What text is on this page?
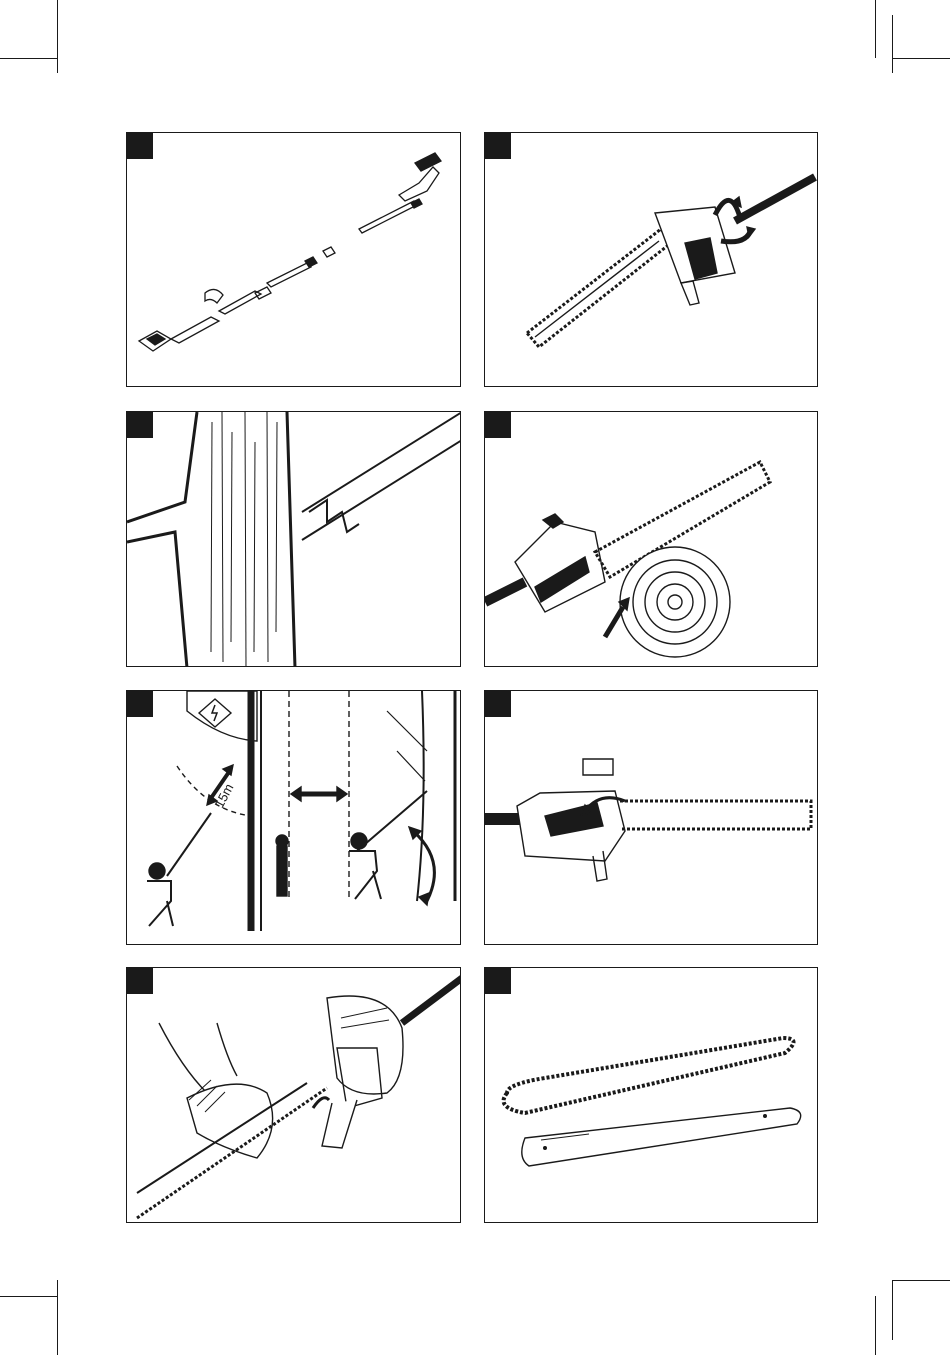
15m
